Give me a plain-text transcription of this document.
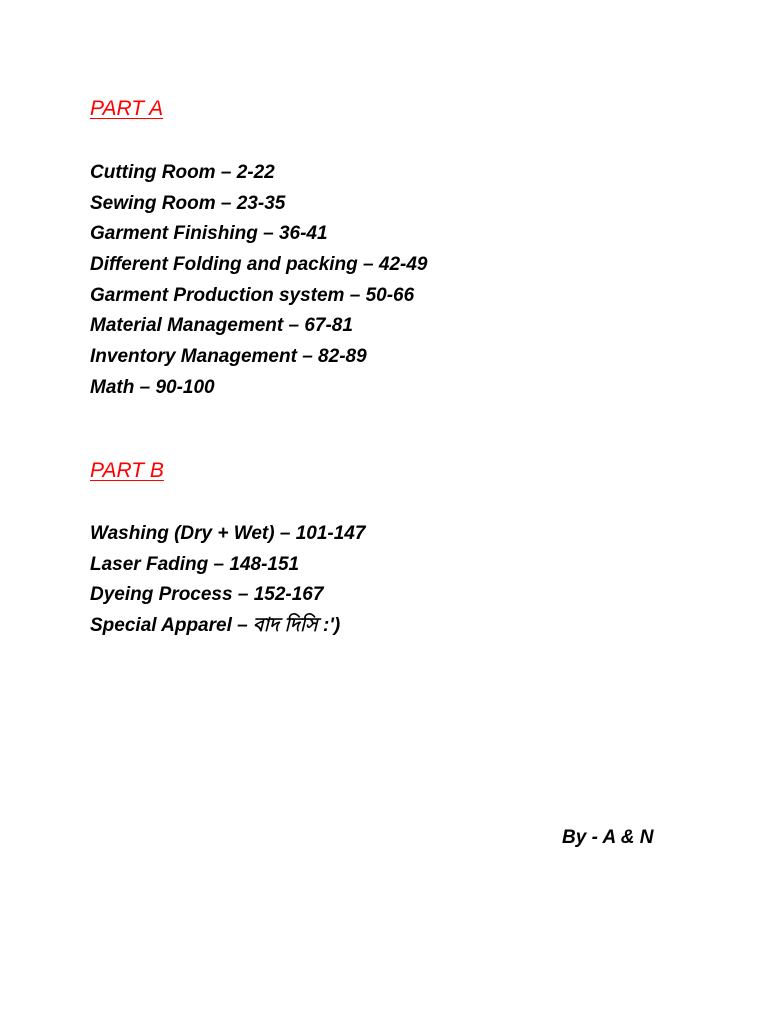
PART A
Cutting Room – 2-22
Sewing Room – 23-35
Garment Finishing – 36-41
Different Folding and packing – 42-49
Garment Production system – 50-66
Material Management – 67-81
Inventory Management – 82-89
Math – 90-100
PART B
Washing (Dry + Wet) – 101-147
Laser Fading – 148-151
Dyeing Process – 152-167
Special Apparel – বাদ দিসি :')
By - A & N
